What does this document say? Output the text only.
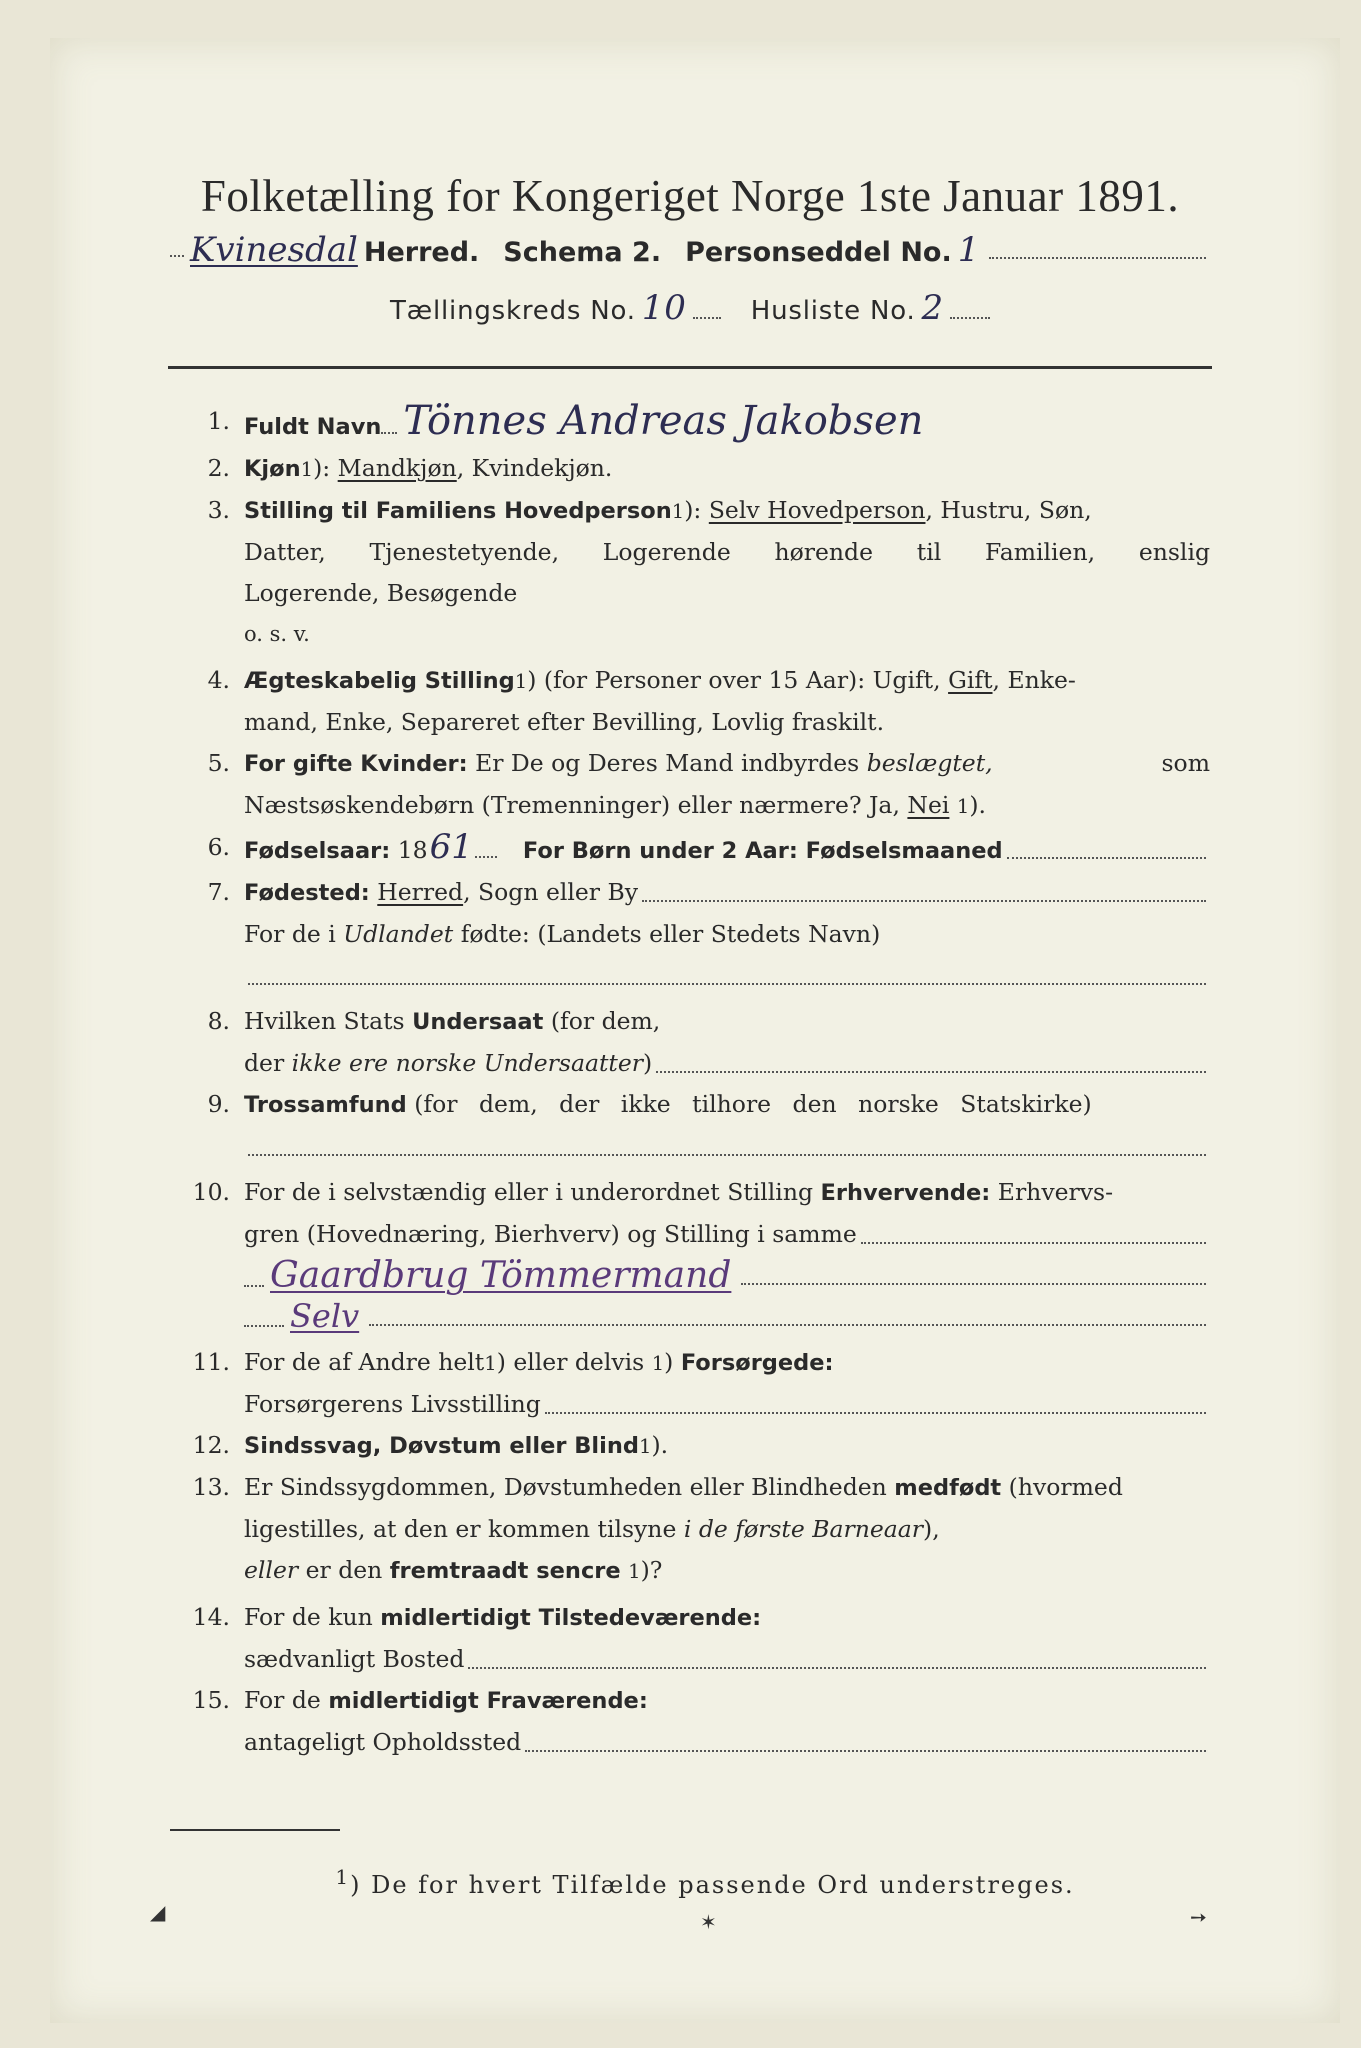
Folketælling for Kongeriget Norge 1ste Januar 1891.
Kvinesdal Herred. Schema 2. Personseddel No. 1
Tællingskreds No. 10 Husliste No. 2
1. Fuldt Navn Tönnes Andreas Jakobsen
2. Kjøn 1 ):
Mandkjøn , Kvindekjøn.
3. Stilling til Familiens Hovedperson 1 ):
Selv Hovedperson , Hustru, Søn,
Datter, Tjenestetyende, Logerende hørende til Familien, enslig
Logerende, Besøgende
o. s. v.
4. Ægteskabelig Stilling 1 ) (for Personer over 15 Aar): Ugift,
Gift , Enke-
mand, Enke, Separeret efter Bevilling, Lovlig fraskilt.
5. For gifte Kvinder:
Er De og Deres Mand indbyrdes
beslægtet,	som
Næstsøskendebørn (Tremenninger) eller nærmere? Ja,
Nei
1 ).
6. Fødselsaar:
18 61 For Børn under 2 Aar: Fødselsmaaned
7. Fødested:
Herred , Sogn eller By
For de i
Udlandet
fødte: (Landets eller Stedets Navn)
8. Hvilken Stats
Undersaat
(for dem,
der
ikke ere norske Undersaatter )
9. Trossamfund
(for dem, der ikke tilhore den norske Statskirke)
10. For de i selvstændig eller i underordnet Stilling
Erhvervende:
Erhvervs-
gren (Hovednæring, Bierhverv) og Stilling i samme
Gaardbrug Tömmermand
Selv
11. For de af Andre helt 1 ) eller delvis
1 )
Forsørgede:
Forsørgerens Livsstilling
12. Sindssvag, Døvstum eller Blind 1 ).
13. Er Sindssygdommen, Døvstumheden eller Blindheden
medfødt
(hvormed
ligestilles, at den er kommen tilsyne
i de første Barneaar ),
eller
er den
fremtraadt sencre
1 )?
14. For de kun
midlertidigt Tilstedeværende:
sædvanligt Bosted
15. For de
midlertidigt Fraværende:
antageligt Opholdssted
$^1$) De for hvert Tilfælde passende Ord understreges.
◢	✶	➙
